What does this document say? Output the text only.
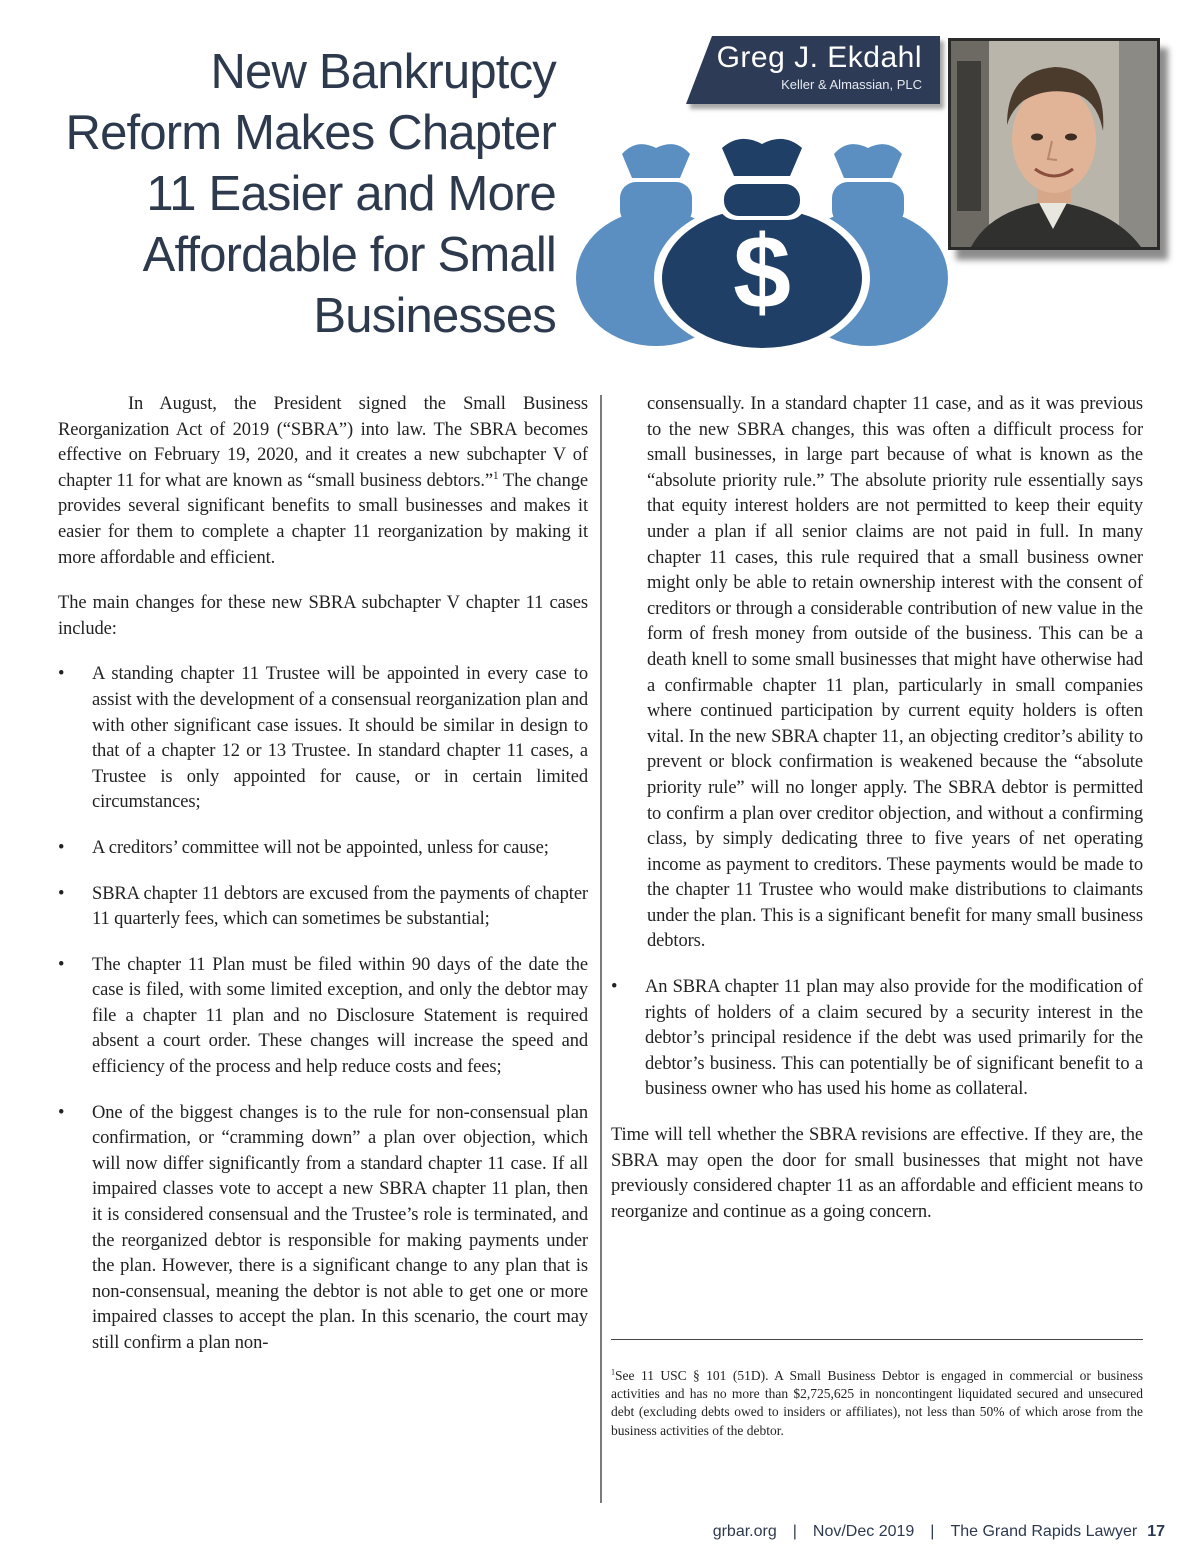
New Bankruptcy
Reform Makes Chapter
11 Easier and More
Affordable for Small
Businesses $
Greg J. Ekdahl
Keller & Almassian, PLC

In August, the President signed the Small Business Reorganization Act of 2019 (“SBRA”) into law. The SBRA becomes effective on February 19, 2020, and it creates a new subchapter V of chapter 11 for what are known as “small business debtors.”$^1$ The change provides several significant benefits to small businesses and makes it easier for them to complete a chapter 11 reorganization by making it more affordable and efficient.

The main changes for these new SBRA subchapter V chapter 11 cases include:

• A standing chapter 11 Trustee will be appointed in every case to assist with the development of a consensual reorganization plan and with other significant case issues. It should be similar in design to that of a chapter 12 or 13 Trustee. In standard chapter 11 cases, a Trustee is only appointed for cause, or in certain limited circumstances;

• A creditors’ committee will not be appointed, unless for cause;

• SBRA chapter 11 debtors are excused from the payments of chapter 11 quarterly fees, which can sometimes be substantial;

• The chapter 11 Plan must be filed within 90 days of the date the case is filed, with some limited exception, and only the debtor may file a chapter 11 plan and no Disclosure Statement is required absent a court order. These changes will increase the speed and efficiency of the process and help reduce costs and fees;

• One of the biggest changes is to the rule for non-consensual plan confirmation, or “cramming down” a plan over objection, which will now differ significantly from a standard chapter 11 case. If all impaired classes vote to accept a new SBRA chapter 11 plan, then it is considered consensual and the Trustee’s role is terminated, and the reorganized debtor is responsible for making payments under the plan. However, there is a significant change to any plan that is non-consensual, meaning the debtor is not able to get one or more impaired classes to accept the plan. In this scenario, the court may still confirm a plan non-

consensually. In a standard chapter 11 case, and as it was previous to the new SBRA changes, this was often a difficult process for small businesses, in large part because of what is known as the “absolute priority rule.” The absolute priority rule essentially says that equity interest holders are not permitted to keep their equity under a plan if all senior claims are not paid in full. In many chapter 11 cases, this rule required that a small business owner might only be able to retain ownership interest with the consent of creditors or through a considerable contribution of new value in the form of fresh money from outside of the business. This can be a death knell to some small businesses that might have otherwise had a confirmable chapter 11 plan, particularly in small companies where continued participation by current equity holders is often vital. In the new SBRA chapter 11, an objecting creditor’s ability to prevent or block confirmation is weakened because the “absolute priority rule” will no longer apply. The SBRA debtor is permitted to confirm a plan over creditor objection, and without a confirming class, by simply dedicating three to five years of net operating income as payment to creditors. These payments would be made to the chapter 11 Trustee who would make distributions to claimants under the plan. This is a significant benefit for many small business debtors.

• An SBRA chapter 11 plan may also provide for the modification of rights of holders of a claim secured by a security interest in the debtor’s principal residence if the debt was used primarily for the debtor’s business. This can potentially be of significant benefit to a business owner who has used his home as collateral.

Time will tell whether the SBRA revisions are effective. If they are, the SBRA may open the door for small businesses that might not have previously considered chapter 11 as an affordable and efficient means to reorganize and continue as a going concern.

$^1$See 11 USC § 101 (51D). A Small Business Debtor is engaged in commercial or business activities and has no more than $2,725,625 in noncontingent liquidated secured and unsecured debt (excluding debts owed to insiders or affiliates), not less than 50% of which arose from the business activities of the debtor.
grbar.org | Nov/Dec 2019 | The Grand Rapids Lawyer 17
